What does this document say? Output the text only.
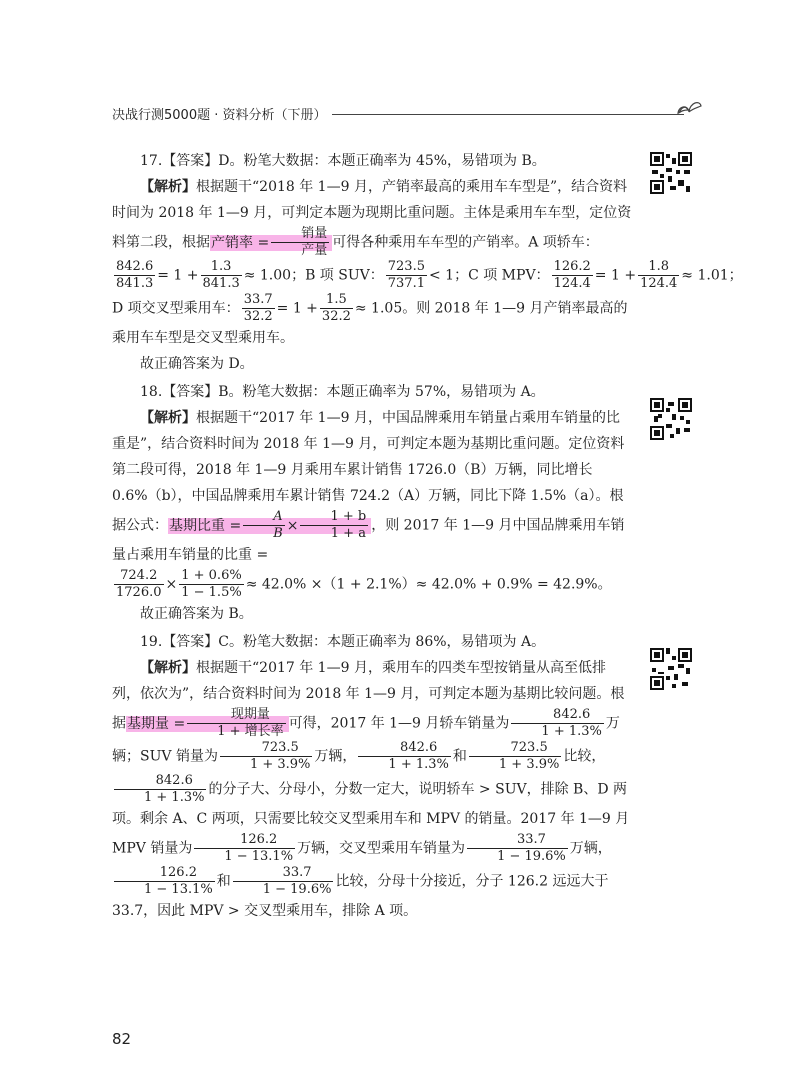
决战行测5000题 · 资料分析（下册）

17.【答案】D。粉笔大数据：本题正确率为 45%，易错项为 B。

【解析】根据题干“2018 年 1—9 月，产销率最高的乘用车车型是”，结合资料时间为 2018 年 1—9 月，可判定本题为现期比重问题。主体是乘用车车型，定位资料第二段，根据产销率 = $\frac{\text{销量}}{\text{产量}}$ 可得各种乘用车车型的产销率。A 项轿车：

$\frac{842.6}{841.3} = 1 + \frac{1.3}{841.3} \approx 1.00$；B 项 SUV： $\frac{723.5}{737.1} < 1$；C 项 MPV： $\frac{126.2}{124.4} = 1 + \frac{1.8}{124.4} \approx 1.01$；

D 项交叉型乘用车： $\frac{33.7}{32.2} = 1 + \frac{1.5}{32.2} \approx 1.05$。则 2018 年 1—9 月产销率最高的乘用车车型是交叉型乘用车。

故正确答案为 D。

18.【答案】B。粉笔大数据：本题正确率为 57%，易错项为 A。

【解析】根据题干“2017 年 1—9 月，中国品牌乘用车销量占乘用车销量的比重是”，结合资料时间为 2018 年 1—9 月，可判定本题为基期比重问题。定位资料第二段可得，2018 年 1—9 月乘用车累计销售 1726.0（B）万辆，同比增长 0.6%（b），中国品牌乘用车累计销售 724.2（A）万辆，同比下降 1.5%（a）。根据公式：基期比重 = $\frac{A}{B} \times \frac{1 + b}{1 + a}$ ，则 2017 年 1—9 月中国品牌乘用车销量占乘用车销量的比重 =

$\frac{724.2}{1726.0} \times \frac{1 + 0.6\%}{1 - 1.5\%} \approx 42.0\% \times(1 + 2.1\%)\approx 42.0\% + 0.9\% = 42.9\%$。

故正确答案为 B。

19.【答案】C。粉笔大数据：本题正确率为 86%，易错项为 A。

【解析】根据题干“2017 年 1—9 月，乘用车的四类车型按销量从高至低排列，依次为”，结合资料时间为 2018 年 1—9 月，可判定本题为基期比较问题。根据基期量 = $\frac{\text{现期量}}{\text{1 + 增长率}}$ 可得，2017 年 1—9 月轿车销量为 $\frac{842.6}{1 + 1.3\%}$ 万辆；SUV 销量为 $\frac{723.5}{1 + 3.9\%}$ 万辆， $\frac{842.6}{1 + 1.3\%}$ 和 $\frac{723.5}{1 + 3.9\%}$ 比较，
$\frac{842.6}{1 + 1.3\%}$ 的分子大、分母小，分数一定大，说明轿车 > SUV，排除 B、D 两项。剩余 A、C 两项，只需要比较交叉型乘用车和 MPV 的销量。2017 年 1—9 月 MPV 销量为 $\frac{126.2}{1 - 13.1\%}$ 万辆，交叉型乘用车销量为 $\frac{33.7}{1 - 19.6\%}$ 万辆，
$\frac{126.2}{1 - 13.1\%}$ 和 $\frac{33.7}{1 - 19.6\%}$ 比较，分母十分接近，分子 126.2 远远大于 33.7，因此 MPV > 交叉型乘用车，排除 A 项。

82
